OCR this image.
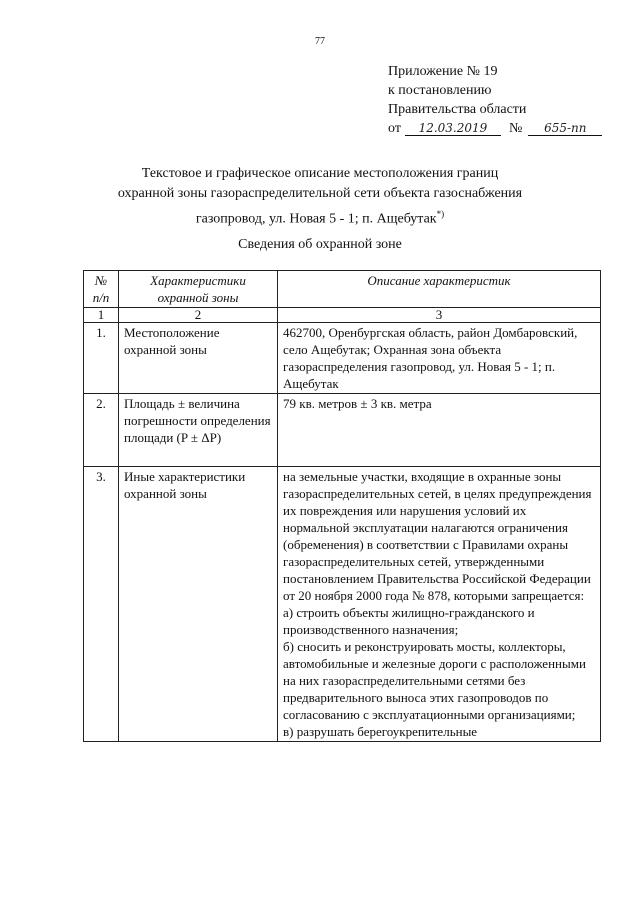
77
Приложение № 19
к постановлению
Правительства области
от 12.03.2019 № 655-пп
Текстовое и графическое описание местоположения границ
охранной зоны газораспределительной сети объекта газоснабжения
газопровод, ул. Новая 5 - 1; п. Ащебутак*)
Сведения об охранной зоне
№ п/п	Характеристики охранной зоны	Описание характеристик
1	2	3
1.	Местоположение охранной зоны	462700, Оренбургская область, район Домбаровский, село Ащебутак; Охранная зона объекта газораспределения газопровод, ул. Новая 5 - 1; п. Ащебутак
2.	Площадь ± величина погрешности определения площади (P ± ΔP)	79 кв. метров ± 3 кв. метра
3.	Иные характеристики охранной зоны	на земельные участки, входящие в охранные зоны газораспределительных сетей, в целях предупреждения их повреждения или нарушения условий их нормальной эксплуатации налагаются ограничения (обременения) в соответствии с Правилами охраны газораспределительных сетей, утвержденными постановлением Правительства Российской Федерации от 20 ноября 2000 года № 878, которыми запрещается:
а) строить объекты жилищно-гражданского и производственного назначения;
б) сносить и реконструировать мосты, коллекторы, автомобильные и железные дороги с расположенными на них газораспределительными сетями без предварительного выноса этих газопроводов по согласованию с эксплуатационными организациями;
в) разрушать берегоукрепительные
